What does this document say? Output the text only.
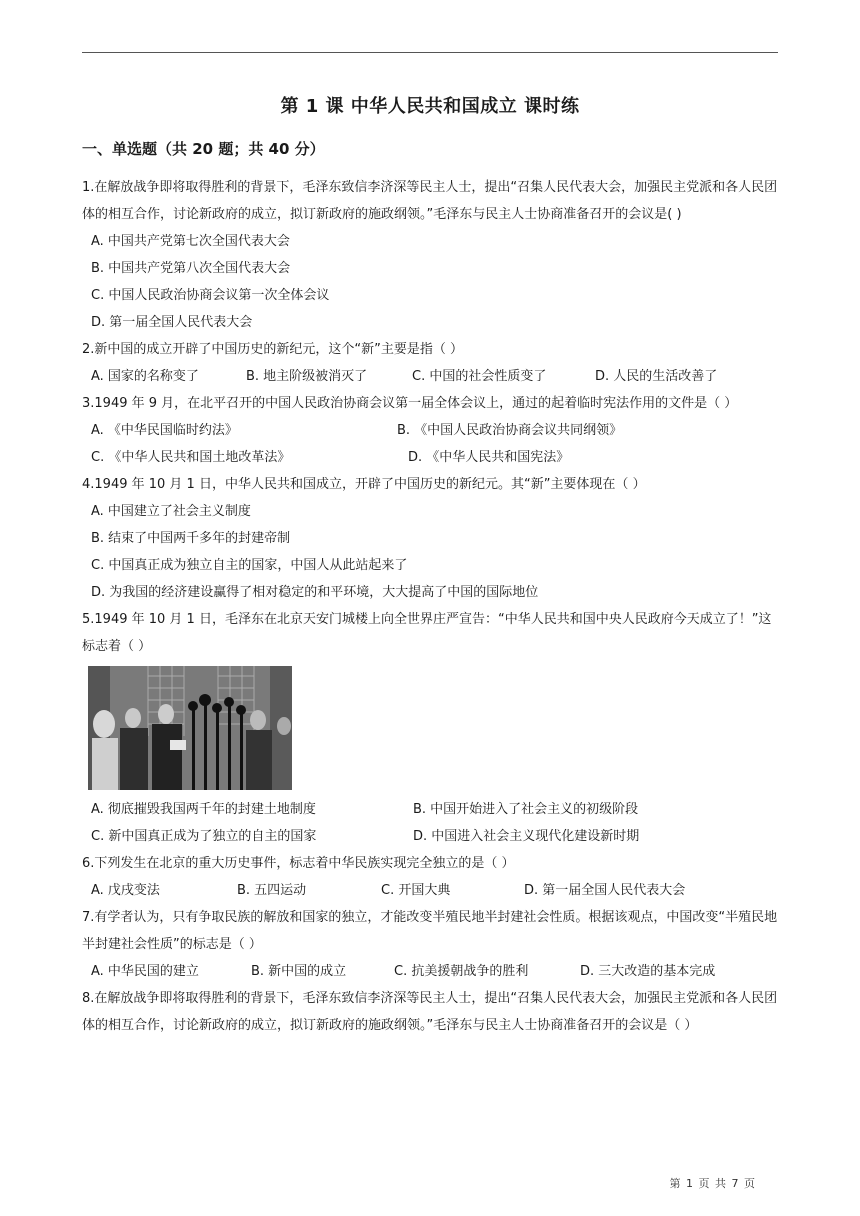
第 1 课 中华人民共和国成立 课时练
一、单选题（共 20 题；共 40 分）

1.在解放战争即将取得胜利的背景下，毛泽东致信李济深等民主人士，提出“召集人民代表大会，加强民主党派和各人民团体的相互合作，讨论新政府的成立，拟订新政府的施政纲领。”毛泽东与民主人士协商准备召开的会议是( )

A. 中国共产党第七次全国代表大会

B. 中国共产党第八次全国代表大会

C. 中国人民政治协商会议第一次全体会议

D. 第一届全国人民代表大会

2.新中国的成立开辟了中国历史的新纪元，这个“新”主要是指（ ）

A. 国家的名称变了	B. 地主阶级被消灭了	C. 中国的社会性质变了	D. 人民的生活改善了

3.1949 年 9 月，在北平召开的中国人民政治协商会议第一届全体会议上，通过的起着临时宪法作用的文件是（ ）

A. 《中华民国临时约法》	B. 《中国人民政治协商会议共同纲领》
C. 《中华人民共和国土地改革法》	D. 《中华人民共和国宪法》

4.1949 年 10 月 1 日，中华人民共和国成立，开辟了中国历史的新纪元。其“新”主要体现在（ ）

A. 中国建立了社会主义制度

B. 结束了中国两千多年的封建帝制

C. 中国真正成为独立自主的国家，中国人从此站起来了

D. 为我国的经济建设赢得了相对稳定的和平环境，大大提高了中国的国际地位

5.1949 年 10 月 1 日，毛泽东在北京天安门城楼上向全世界庄严宣告：“中华人民共和国中央人民政府今天成立了！”这标志着（ ）

A. 彻底摧毁我国两千年的封建土地制度	B. 中国开始进入了社会主义的初级阶段
C. 新中国真正成为了独立的自主的国家	D. 中国进入社会主义现代化建设新时期

6.下列发生在北京的重大历史事件，标志着中华民族实现完全独立的是（ ）

A. 戊戌变法	B. 五四运动	C. 开国大典	D. 第一届全国人民代表大会

7.有学者认为，只有争取民族的解放和国家的独立，才能改变半殖民地半封建社会性质。根据该观点，中国改变“半殖民地半封建社会性质”的标志是（ ）

A. 中华民国的建立	B. 新中国的成立	C. 抗美援朝战争的胜利	D. 三大改造的基本完成

8.在解放战争即将取得胜利的背景下，毛泽东致信李济深等民主人士，提出“召集人民代表大会，加强民主党派和各人民团体的相互合作，讨论新政府的成立，拟订新政府的施政纲领。”毛泽东与民主人士协商准备召开的会议是（ ）

第 1 页 共 7 页
